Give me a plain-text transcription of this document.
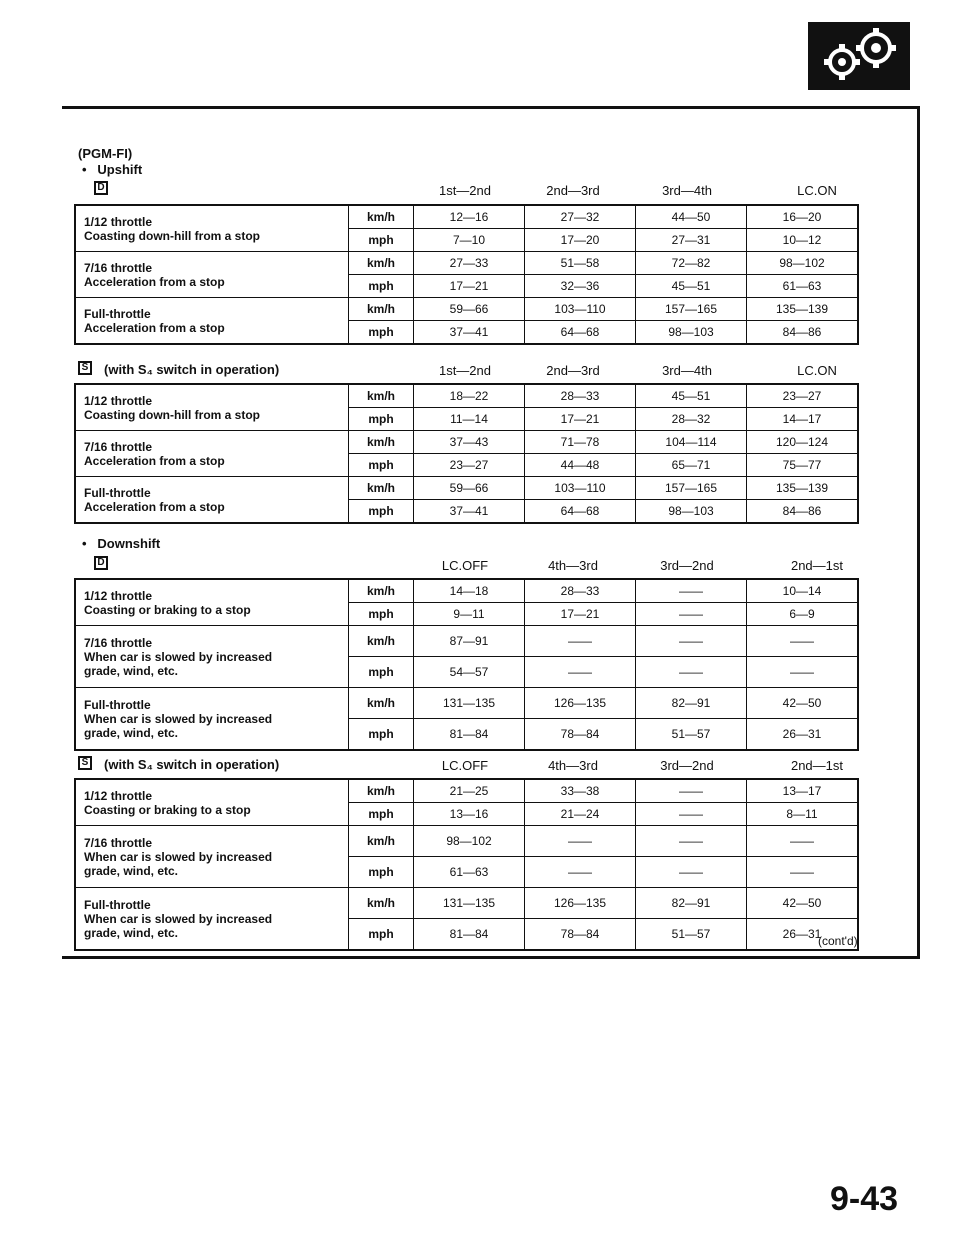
(PGM-FI)
•   Upshift
D	1st—2nd	2nd—3rd	3rd—4th	LC.ON
1/12 throttle
Coasting down-hill from a stop	km/h	12—16	27—32	44—50	16—20
	mph	7—10	17—20	27—31	10—12
7/16 throttle
Acceleration from a stop	km/h	27—33	51—58	72—82	98—102
	mph	17—21	32—36	45—51	61—63
Full-throttle
Acceleration from a stop	km/h	59—66	103—110	157—165	135—139
	mph	37—41	64—68	98—103	84—86
S (with S₄ switch in operation)	1st—2nd	2nd—3rd	3rd—4th	LC.ON
1/12 throttle
Coasting down-hill from a stop	km/h	18—22	28—33	45—51	23—27
	mph	11—14	17—21	28—32	14—17
7/16 throttle
Acceleration from a stop	km/h	37—43	71—78	104—114	120—124
	mph	23—27	44—48	65—71	75—77
Full-throttle
Acceleration from a stop	km/h	59—66	103—110	157—165	135—139
	mph	37—41	64—68	98—103	84—86
•   Downshift
D	LC.OFF	4th—3rd	3rd—2nd	2nd—1st
1/12 throttle
Coasting or braking to a stop	km/h	14—18	28—33	——	10—14
	mph	9—11	17—21	——	6—9
7/16 throttle
When car is slowed by increased
grade, wind, etc.	km/h	87—91	——	——	——
	mph	54—57	——	——	——
Full-throttle
When car is slowed by increased
grade, wind, etc.	km/h	131—135	126—135	82—91	42—50
	mph	81—84	78—84	51—57	26—31
S (with S₄ switch in operation)	LC.OFF	4th—3rd	3rd—2nd	2nd—1st
1/12 throttle
Coasting or braking to a stop	km/h	21—25	33—38	——	13—17
	mph	13—16	21—24	——	8—11
7/16 throttle
When car is slowed by increased
grade, wind, etc.	km/h	98—102	——	——	——
	mph	61—63	——	——	——
Full-throttle
When car is slowed by increased
grade, wind, etc.	km/h	131—135	126—135	82—91	42—50
	mph	81—84	78—84	51—57	26—31
(cont'd)
9-43
